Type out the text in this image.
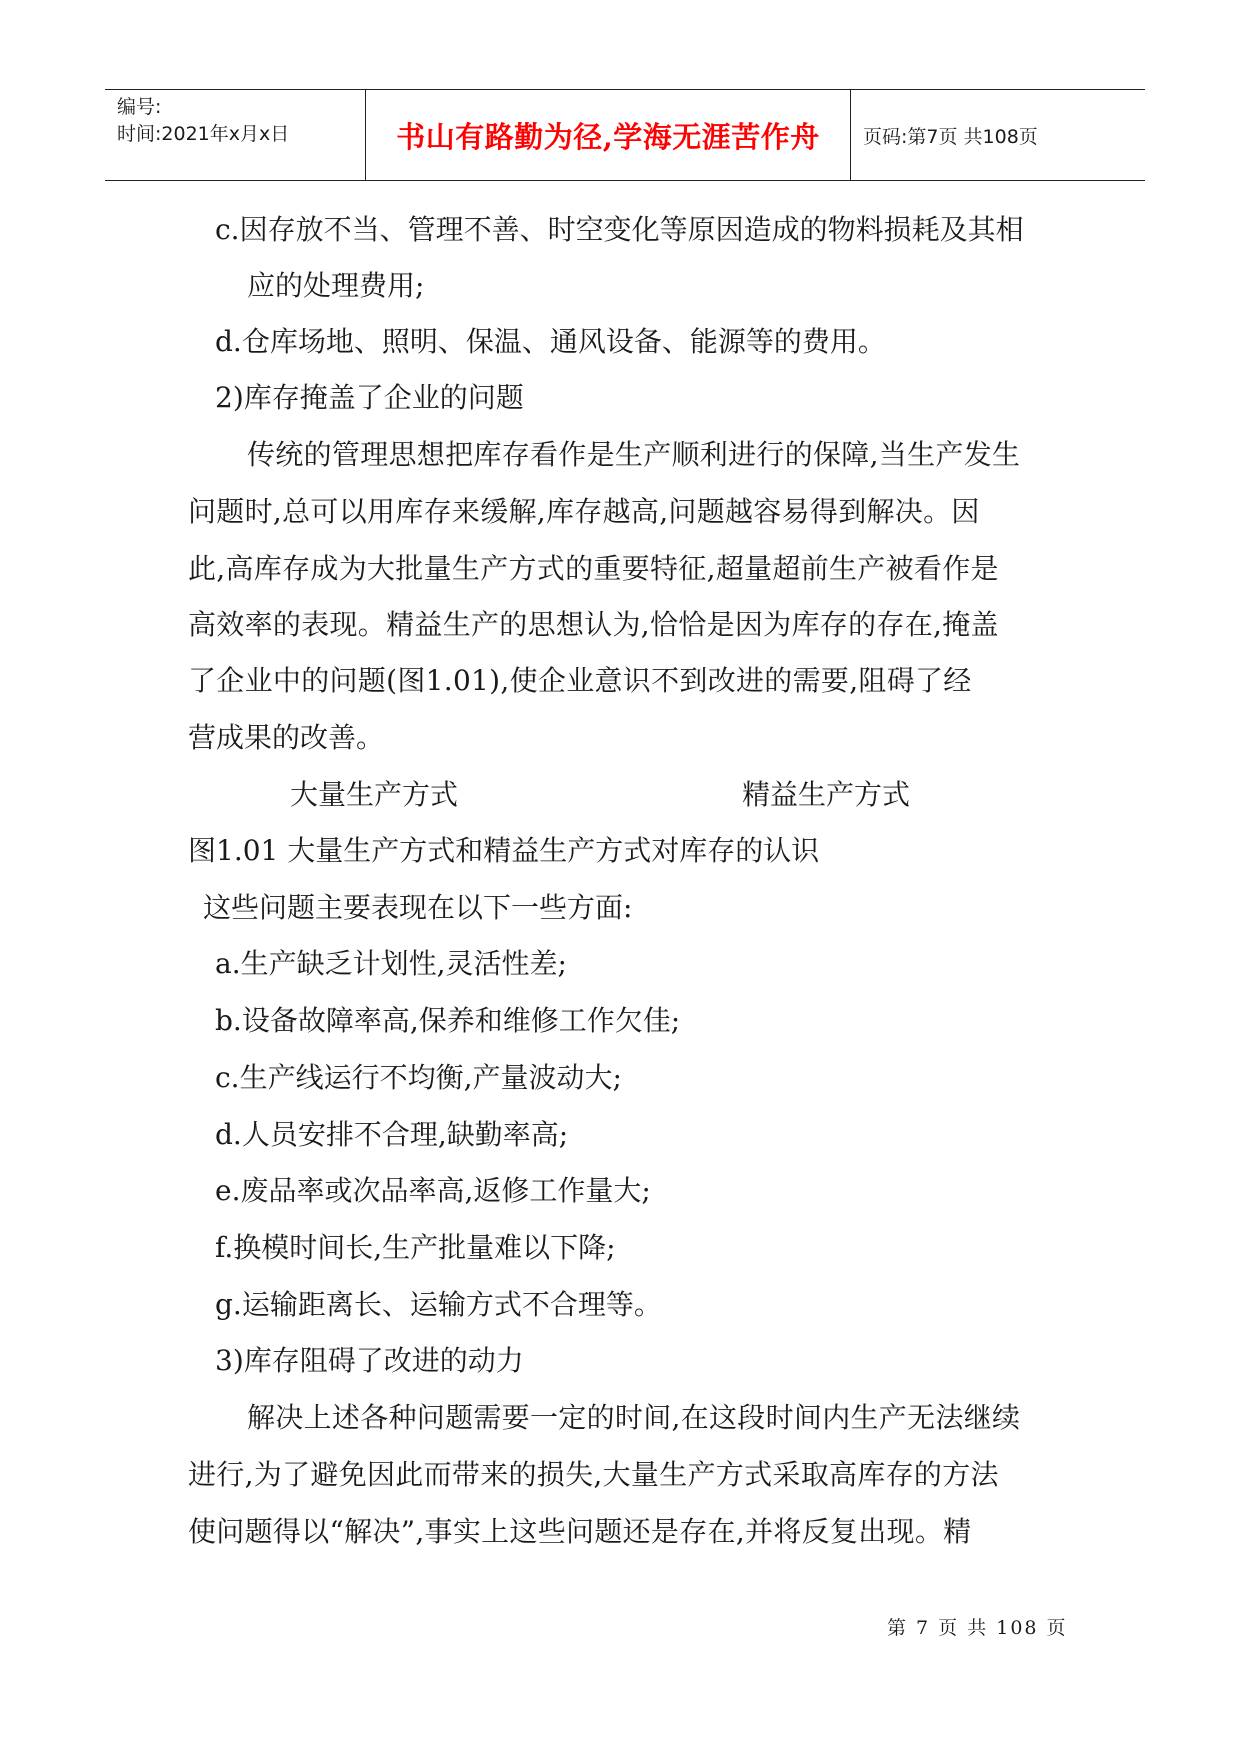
编号:
时间:2021年x月x日	书山有路勤为径,学海无涯苦作舟	页码:第7页 共108页
c.因存放不当、管理不善、时空变化等原因造成的物料损耗及其相
应的处理费用;
d.仓库场地、照明、保温、通风设备、能源等的费用。
2)库存掩盖了企业的问题
传统的管理思想把库存看作是生产顺利进行的保障,当生产发生
问题时,总可以用库存来缓解,库存越高,问题越容易得到解决。因
此,高库存成为大批量生产方式的重要特征,超量超前生产被看作是
高效率的表现。精益生产的思想认为,恰恰是因为库存的存在,掩盖
了企业中的问题(图1.01),使企业意识不到改进的需要,阻碍了经
营成果的改善。
大量生产方式	精益生产方式
图1.01 大量生产方式和精益生产方式对库存的认识
这些问题主要表现在以下一些方面:
a.生产缺乏计划性,灵活性差;
b.设备故障率高,保养和维修工作欠佳;
c.生产线运行不均衡,产量波动大;
d.人员安排不合理,缺勤率高;
e.废品率或次品率高,返修工作量大;
f.换模时间长,生产批量难以下降;
g.运输距离长、运输方式不合理等。
3)库存阻碍了改进的动力
解决上述各种问题需要一定的时间,在这段时间内生产无法继续
进行,为了避免因此而带来的损失,大量生产方式采取高库存的方法
使问题得以“解决”,事实上这些问题还是存在,并将反复出现。精
第 7 页 共 108 页
